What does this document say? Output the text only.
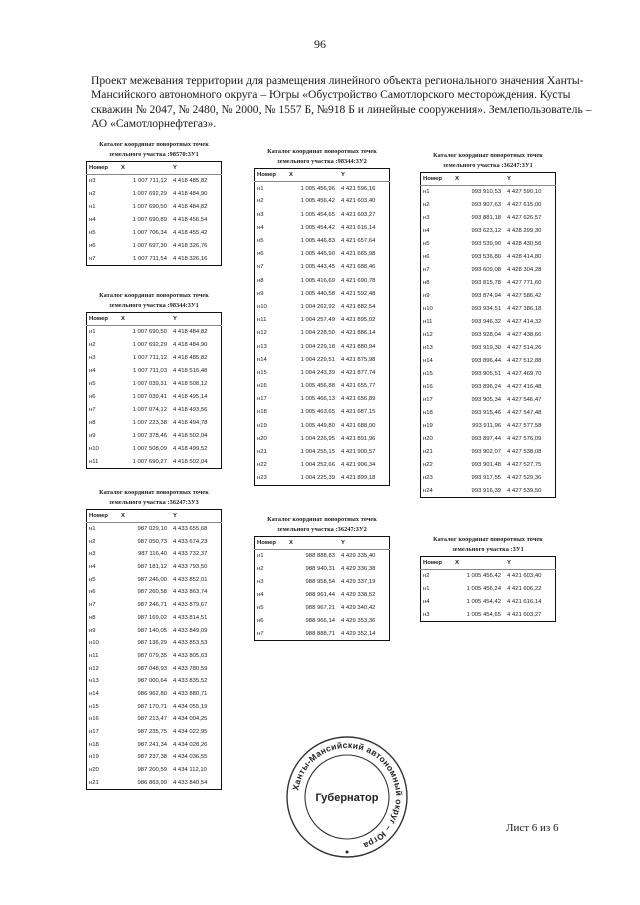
96
Проект межевания территории для размещения линейного объекта регионального значения Ханты-Мансийского автономного округа – Югры «Обустройство Самотлорского месторождения. Кусты скважин № 2047, № 2480, № 2000, № 1557 Б, №918 Б и линейные сооружения». Землепользователь – АО «Самотлорнефтегаз».
Каталог координат поворотных точек
земельного участка :98570:3У1
Номер	X	Y
н3	1 007 711,12	4 418 485,82
н2	1 007 692,29	4 418 484,90
н1	1 007 690,50	4 418 484,82
н4	1 007 690,89	4 418 456,54
н5	1 007 706,34	4 418 455,42
н6	1 007 697,30	4 418 326,76
н7	1 007 711,54	4 418 326,16
Каталог координат поворотных точек
земельного участка :98344:3У1
Номер	X	Y
н1	1 007 690,50	4 418 484,82
н2	1 007 692,29	4 418 484,90
н3	1 007 711,12	4 418 485,82
н4	1 007 711,03	4 418 516,48
н5	1 007 039,31	4 418 508,12
н6	1 007 039,41	4 418 495,14
н7	1 007 074,12	4 418 493,56
н8	1 007 223,38	4 418 494,78
н9	1 007 378,46	4 418 502,04
н10	1 007 508,09	4 418 499,52
н11	1 007 690,27	4 418 502,04
Каталог координат поворотных точек
земельного участка :36247:3У3
Номер	X	Y
н1	987 029,10	4 433 655,68
н2	987 050,73	4 433 674,23
н3	987 116,40	4 433 732,37
н4	987 181,12	4 433 793,50
н5	987 246,00	4 433 852,01
н6	987 260,58	4 433 863,74
н7	987 246,71	4 433 879,67
н8	987 169,02	4 433 814,51
н9	987 140,05	4 433 849,09
н10	987 136,29	4 433 853,53
н11	987 079,35	4 433 805,63
н12	987 048,93	4 433 780,59
н13	987 000,64	4 433 835,52
н14	986 962,80	4 433 880,71
н15	987 170,71	4 434 055,19
н16	987 213,47	4 434 004,25
н17	987 235,75	4 434 022,95
н18	987 241,34	4 434 028,26
н19	987 237,38	4 434 036,55
н20	987 200,59	4 434 112,10
н21	986 863,99	4 433 840,54
Каталог координат поворотных точек
земельного участка :98344:3У2
Номер	X	Y
н1	1 005 456,96	4 421 596,16
н2	1 005 456,42	4 421 603,40
н3	1 005 454,65	4 421 603,27
н4	1 005 454,42	4 421 616,14
н5	1 005 446,83	4 421 657,64
н6	1 005 445,90	4 421 665,98
н7	1 005 443,45	4 421 688,46
н8	1 005 416,69	4 421 690,78
н9	1 005 440,58	4 421 592,48
н10	1 004 262,92	4 421 882,54
н11	1 004 257,49	4 421 895,02
н12	1 004 228,50	4 421 886,14
н13	1 004 229,18	4 421 880,94
н14	1 004 229,51	4 421 875,98
н15	1 004 243,39	4 421 877,74
н16	1 005 456,88	4 421 655,77
н17	1 005 466,13	4 421 656,89
н18	1 005 463,65	4 421 687,15
н19	1 005 449,80	4 421 688,00
н20	1 004 226,95	4 421 891,96
н21	1 004 255,15	4 421 900,57
н22	1 004 252,66	4 421 906,34
н23	1 004 225,39	4 421 899,18
Каталог координат поворотных точек
земельного участка :36247:3У2
Номер	X	Y
н1	988 888,83	4 429 335,40
н2	988 940,31	4 429 336,38
н3	988 958,54	4 429 337,19
н4	988 961,44	4 429 338,52
н5	988 967,21	4 429 340,42
н6	988 966,14	4 429 353,36
н7	988 888,71	4 429 352,14
Каталог координат поворотных точек
земельного участка :36247:3У1
Номер	X	Y
н1	993 910,53	4 427 590,10
н2	993 907,63	4 427 615,00
н3	993 881,18	4 427 626,57
н4	993 623,12	4 428 299,30
н5	993 539,90	4 428 430,56
н6	993 536,80	4 428 414,80
н7	993 609,08	4 428 304,28
н8	993 815,78	4 427 771,60
н9	993 874,94	4 427 586,42
н10	993 934,51	4 427 386,18
н11	993 946,32	4 427 414,32
н12	993 928,04	4 427 438,66
н13	993 919,30	4 427 514,26
н14	993 896,44	4 427 512,88
н15	993 905,51	4 427 469,70
н16	993 896,24	4 427 416,48
н17	993 905,34	4 427 546,47
н18	993 915,46	4 427 547,48
н19	993 911,96	4 427 577,58
н20	993 897,44	4 427 576,09
н21	993 902,07	4 427 538,08
н22	993 901,48	4 427 527,75
н23	993 917,55	4 427 529,36
н24	993 916,39	4 427 539,50
Каталог координат поворотных точек
земельного участка :3У1
Номер	X	Y
н2	1 005 456,42	4 421 603,40
н1	1 005 456,24	4 421 606,22
н4	1 005 454,42	4 421 616,14
н3	1 005 454,65	4 421 603,27
Ханты-Мансийский автономный округ – Югра
Губернатор
Лист 6 из 6
